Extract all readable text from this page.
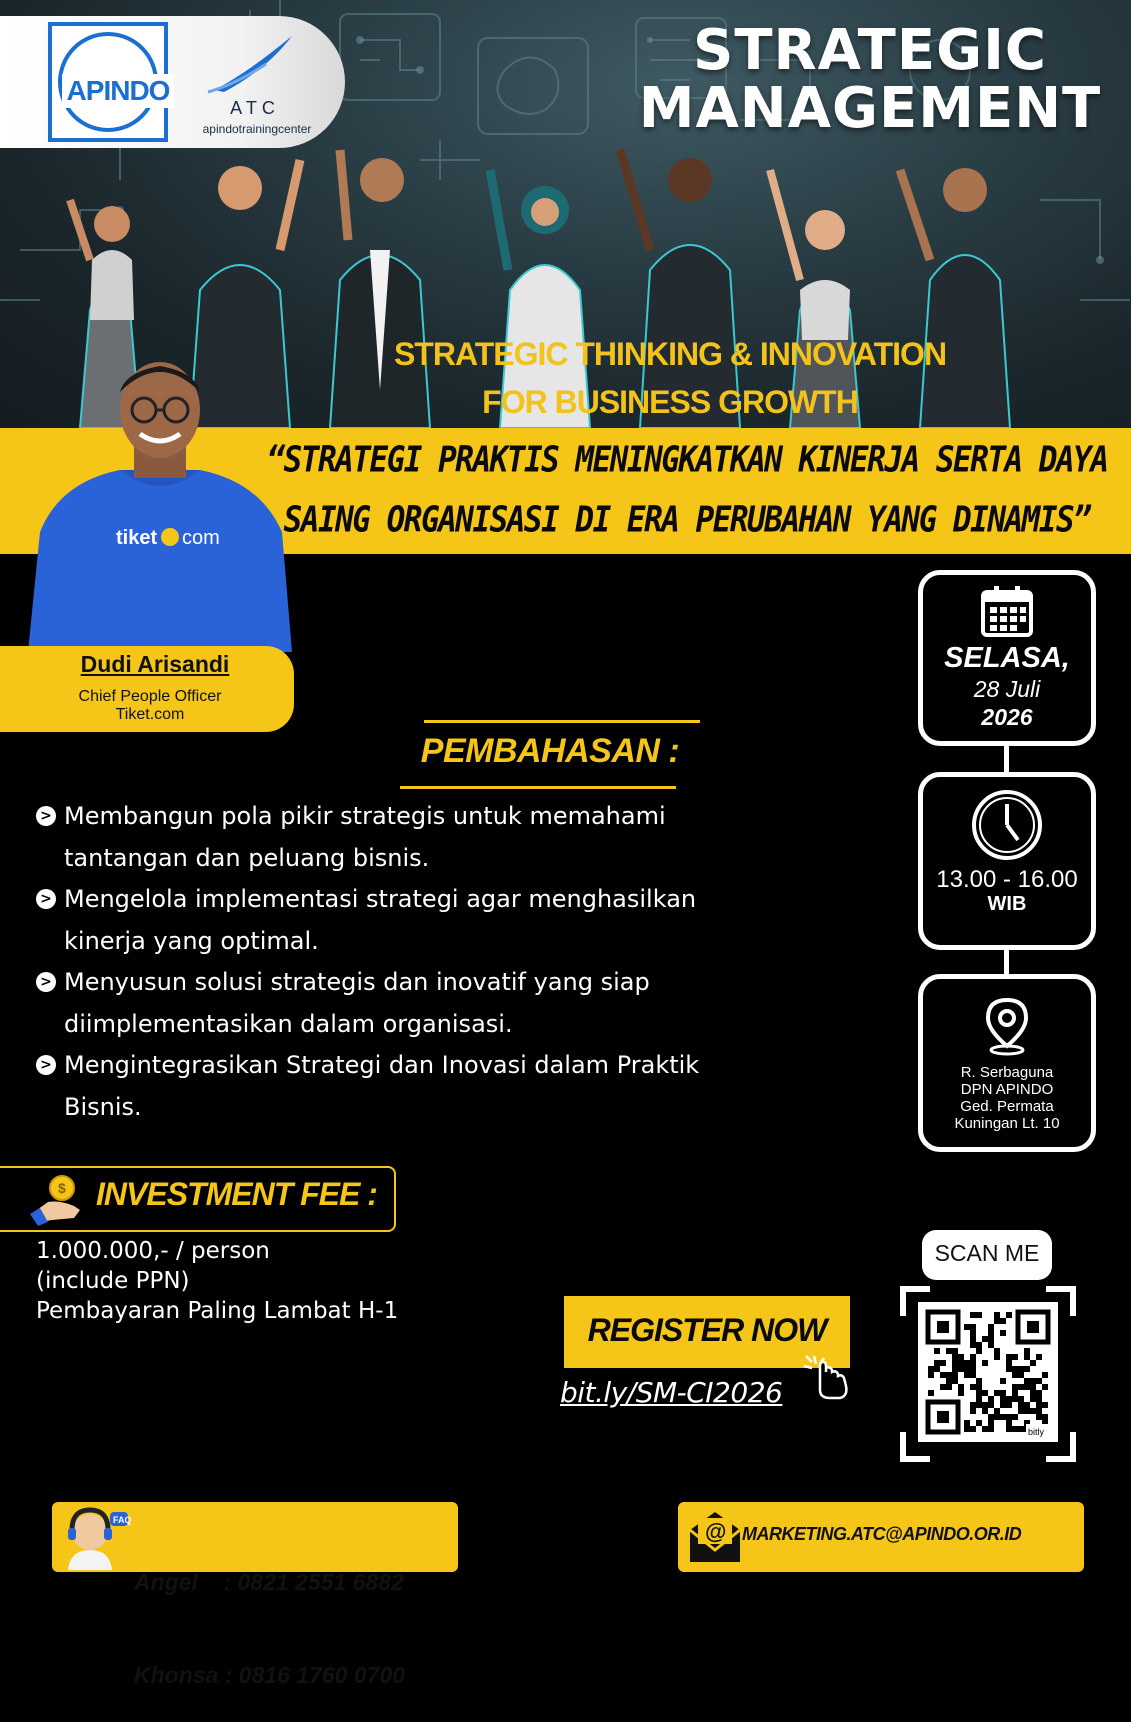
APINDO
ATC
apindotrainingcenter
STRATEGIC
MANAGEMENT
STRATEGIC THINKING & INNOVATION
FOR BUSINESS GROWTH
“STRATEGI PRAKTIS MENINGKATKAN KINERJA SERTA DAYA
SAING ORGANISASI DI ERA PERUBAHAN YANG DINAMIS”
tiket com
Dudi Arisandi
Chief People Officer
Tiket.com
PEMBAHASAN :
> Membangun pola pikir strategis untuk memahami
tantangan dan peluang bisnis.
> Mengelola implementasi strategi agar menghasilkan
kinerja yang optimal.
> Menyusun solusi strategis dan inovatif yang siap
diimplementasikan dalam organisasi.
> Mengintegrasikan Strategi dan Inovasi dalam Praktik
Bisnis.
SELASA,
28 Juli
2026
13.00 - 16.00
WIB
R. Serbaguna
DPN APINDO
Ged. Permata
Kuningan Lt. 10
$ INVESTMENT FEE :
1.000.000,- / person
(include PPN)
Pembayaran Paling Lambat H-1
REGISTER NOW
bit.ly/SM-CI2026
SCAN ME
bitly
FAQ

Angel    : 0821 2551 6882

Khonsa : 0816 1760 0700

@ MARKETING.ATC@APINDO.OR.ID
